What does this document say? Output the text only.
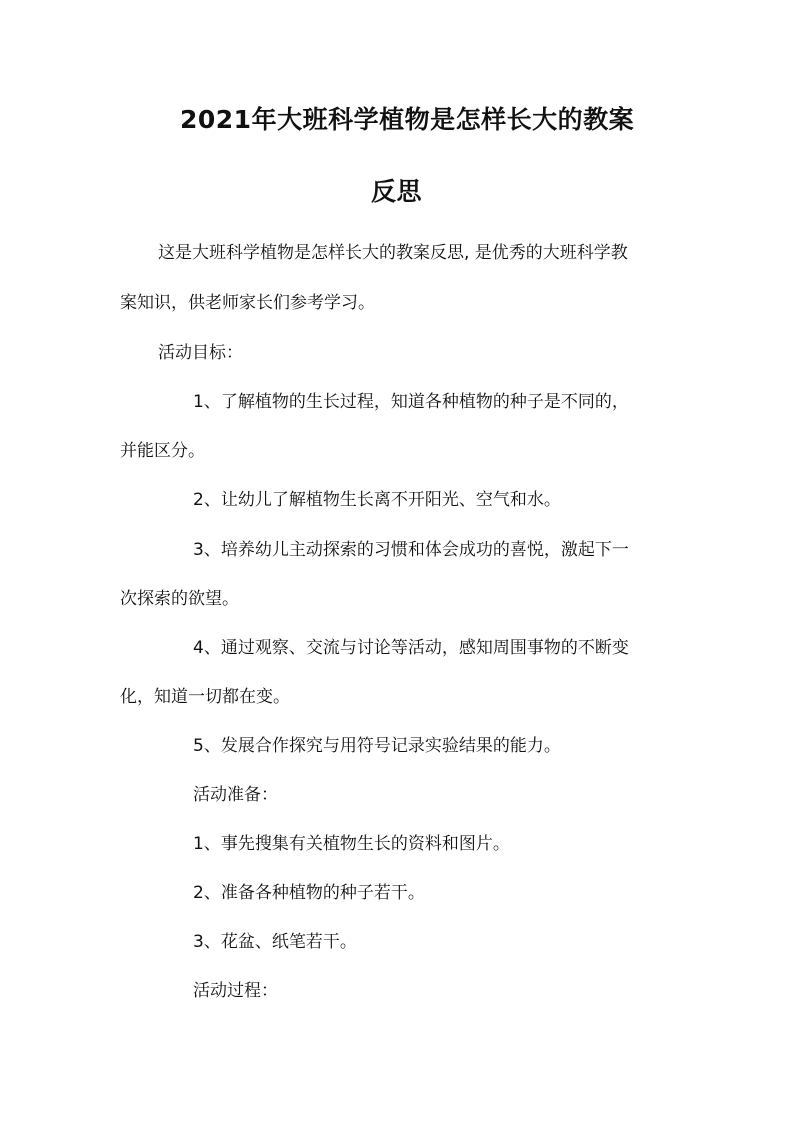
2021年大班科学植物是怎样长大的教案
反思
这是大班科学植物是怎样长大的教案反思, 是优秀的大班科学教
案知识，供老师家长们参考学习。
活动目标：
1、了解植物的生长过程，知道各种植物的种子是不同的，
并能区分。
2、让幼儿了解植物生长离不开阳光、空气和水。
3、培养幼儿主动探索的习惯和体会成功的喜悦，激起下一
次探索的欲望。
4、通过观察、交流与讨论等活动，感知周围事物的不断变
化，知道一切都在变。
5、发展合作探究与用符号记录实验结果的能力。
活动准备：
1、事先搜集有关植物生长的资料和图片。
2、准备各种植物的种子若干。
3、花盆、纸笔若干。
活动过程：
